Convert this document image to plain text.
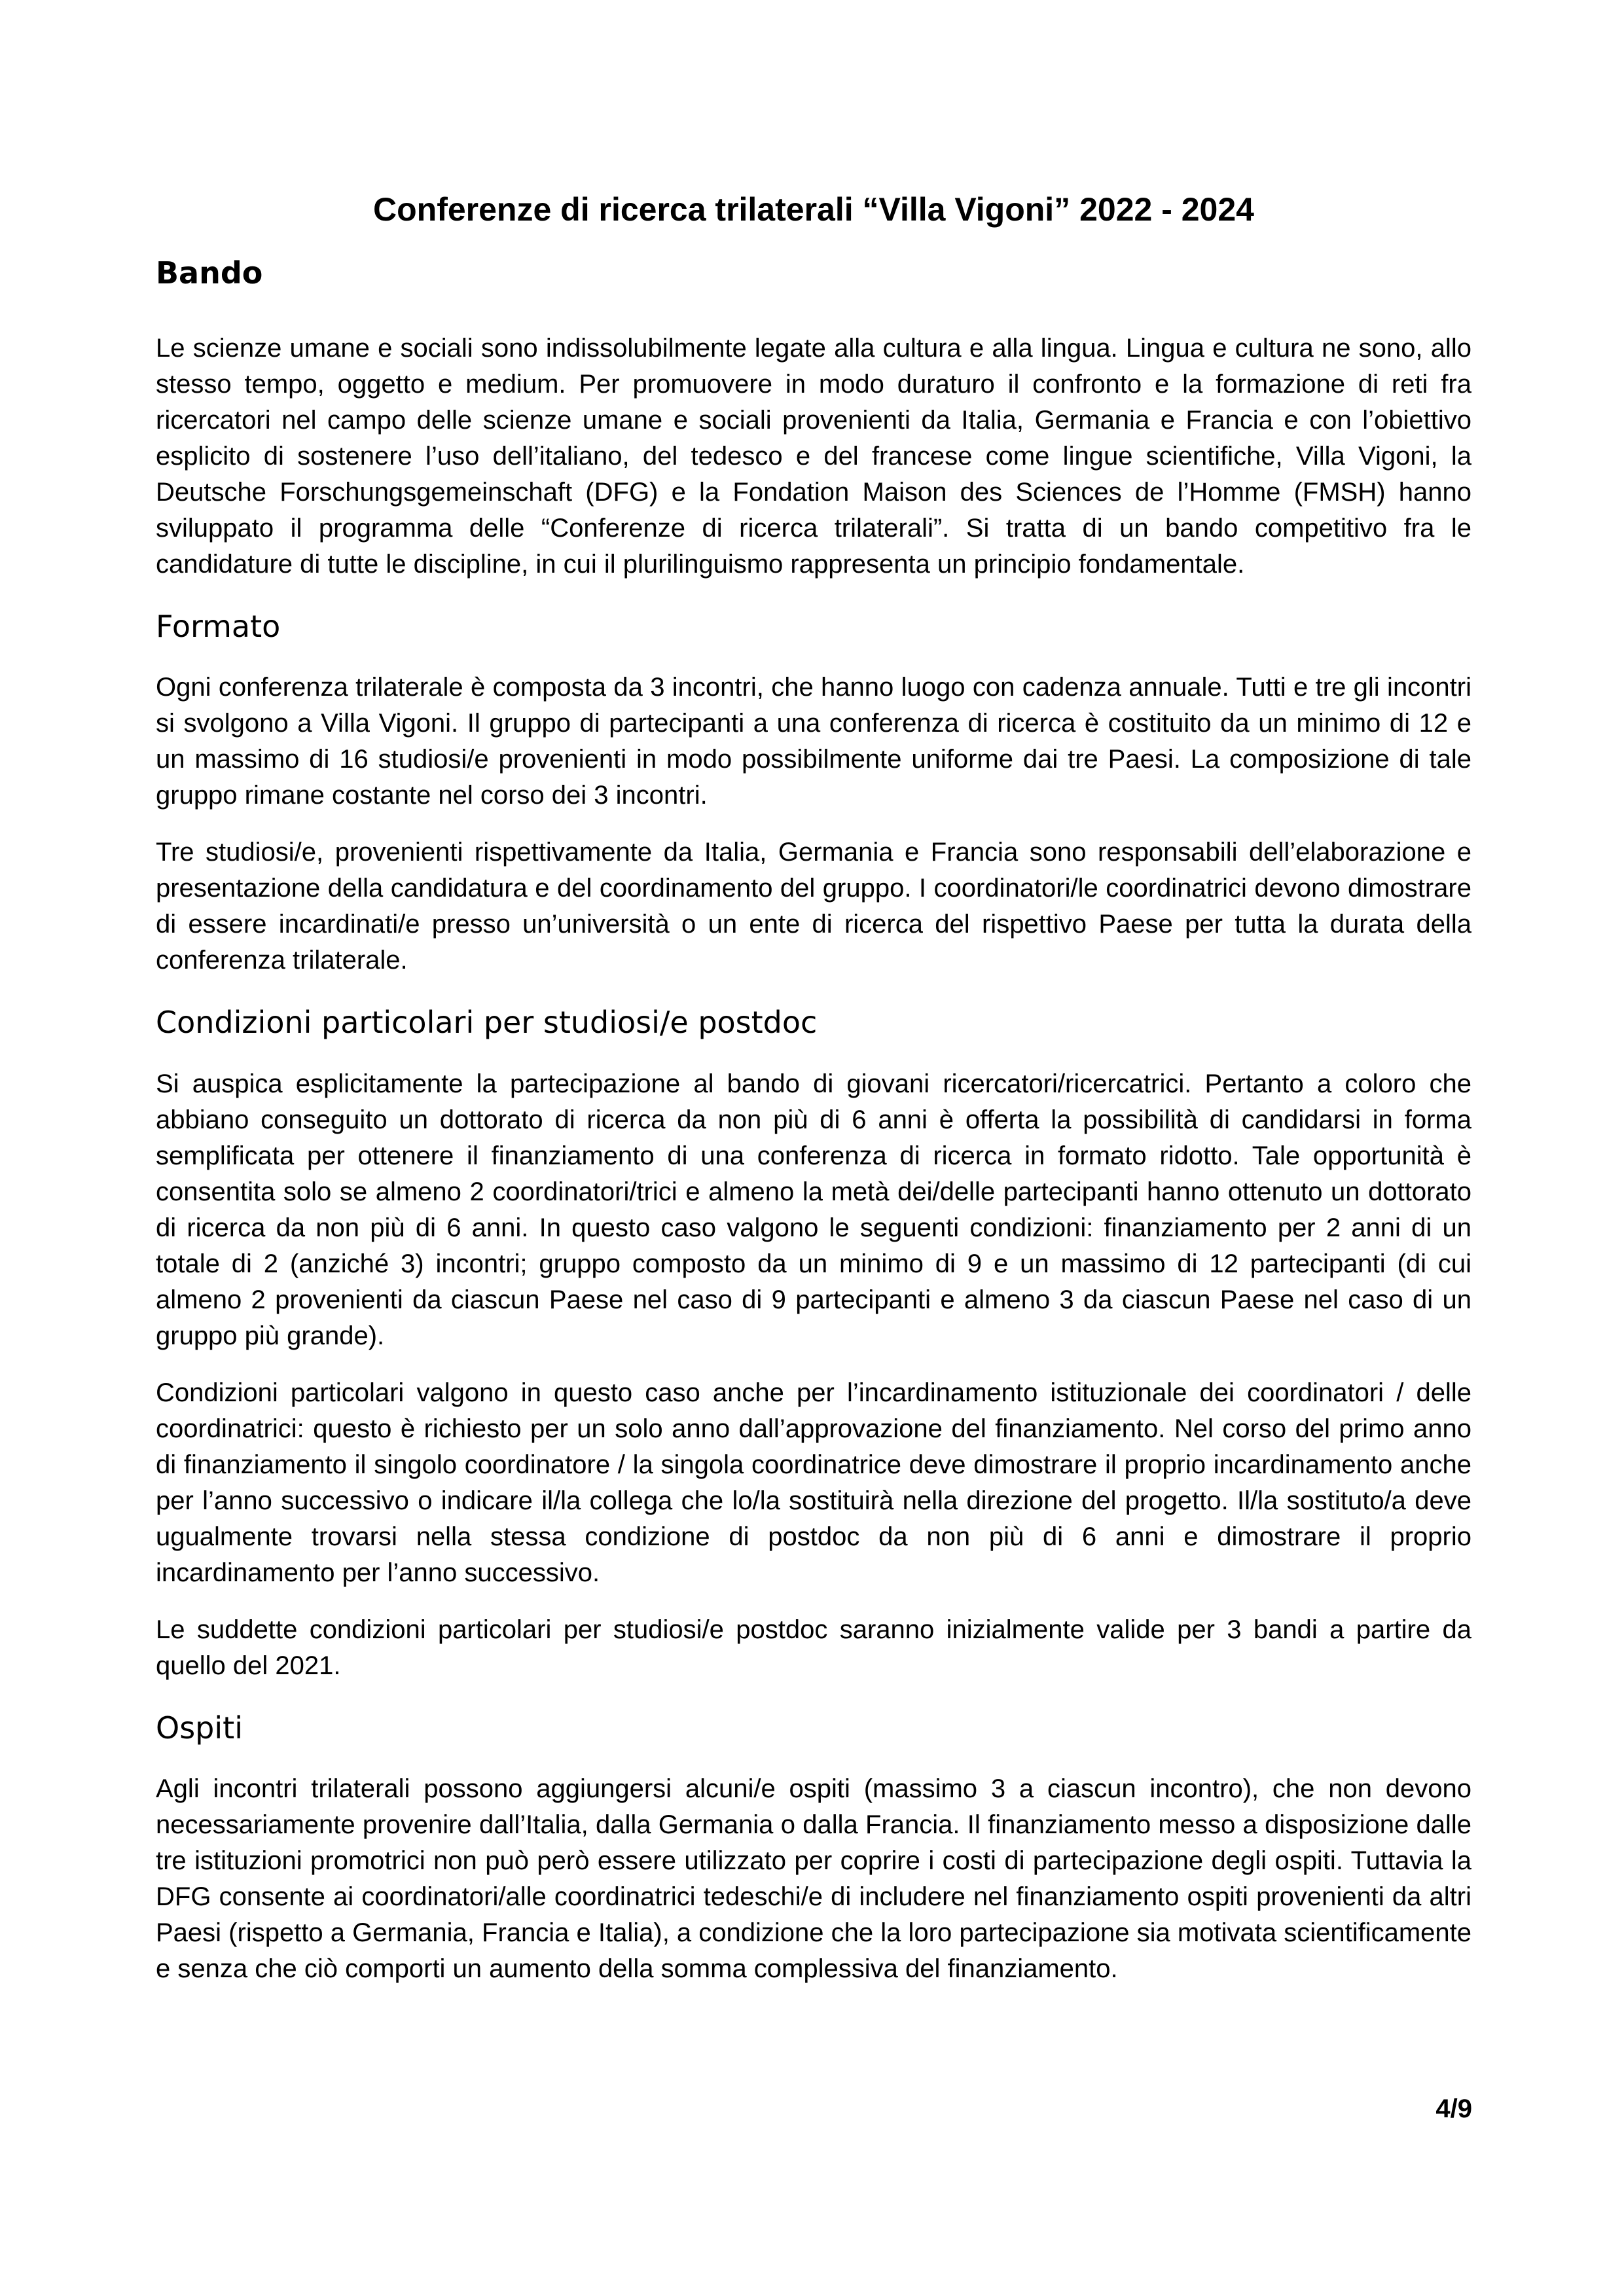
Conferenze di ricerca trilaterali “Villa Vigoni” 2022 - 2024
Bando

Le scienze umane e sociali sono indissolubilmente legate alla cultura e alla lingua. Lingua e cultura ne sono, allo stesso tempo, oggetto e medium. Per promuovere in modo duraturo il confronto e la formazione di reti fra ricercatori nel campo delle scienze umane e sociali provenienti da Italia, Germania e Francia e con l’obiettivo esplicito di sostenere l’uso dell’italiano, del tedesco e del francese come lingue scientifiche, Villa Vigoni, la Deutsche Forschungsgemeinschaft (DFG) e la Fondation Maison des Sciences de l’Homme (FMSH) hanno sviluppato il programma delle “Conferenze di ricerca trilaterali”. Si tratta di un bando competitivo fra le candidature di tutte le discipline, in cui il plurilinguismo rappresenta un principio fondamentale.

Formato

Ogni conferenza trilaterale è composta da 3 incontri, che hanno luogo con cadenza annuale. Tutti e tre gli incontri si svolgono a Villa Vigoni. Il gruppo di partecipanti a una conferenza di ricerca è costituito da un minimo di 12 e un massimo di 16 studiosi/e provenienti in modo possibilmente uniforme dai tre Paesi. La composizione di tale gruppo rimane costante nel corso dei 3 incontri.

Tre studiosi/e, provenienti rispettivamente da Italia, Germania e Francia sono responsabili dell’elaborazione e presentazione della candidatura e del coordinamento del gruppo. I coordinatori/le coordinatrici devono dimostrare di essere incardinati/e presso un’università o un ente di ricerca del rispettivo Paese per tutta la durata della conferenza trilaterale.

Condizioni particolari per studiosi/e postdoc

Si auspica esplicitamente la partecipazione al bando di giovani ricercatori/ricercatrici. Pertanto a coloro che abbiano conseguito un dottorato di ricerca da non più di 6 anni è offerta la possibilità di candidarsi in forma semplificata per ottenere il finanziamento di una conferenza di ricerca in formato ridotto. Tale opportunità è consentita solo se almeno 2 coordinatori/trici e almeno la metà dei/delle partecipanti hanno ottenuto un dottorato di ricerca da non più di 6 anni. In questo caso valgono le seguenti condizioni: finanziamento per 2 anni di un totale di 2 (anziché 3) incontri; gruppo composto da un minimo di 9 e un massimo di 12 partecipanti (di cui almeno 2 provenienti da ciascun Paese nel caso di 9 partecipanti e almeno 3 da ciascun Paese nel caso di un gruppo più grande).

Condizioni particolari valgono in questo caso anche per l’incardinamento istituzionale dei coordinatori / delle coordinatrici: questo è richiesto per un solo anno dall’approvazione del finanziamento. Nel corso del primo anno di finanziamento il singolo coordinatore / la singola coordinatrice deve dimostrare il proprio incardinamento anche per l’anno successivo o indicare il/la collega che lo/la sostituirà nella direzione del progetto. Il/la sostituto/a deve ugualmente trovarsi nella stessa condizione di postdoc da non più di 6 anni e dimostrare il proprio incardinamento per l’anno successivo.

Le suddette condizioni particolari per studiosi/e postdoc saranno inizialmente valide per 3 bandi a partire da quello del 2021.

Ospiti

Agli incontri trilaterali possono aggiungersi alcuni/e ospiti (massimo 3 a ciascun incontro), che non devono necessariamente provenire dall’Italia, dalla Germania o dalla Francia. Il finanziamento messo a disposizione dalle tre istituzioni promotrici non può però essere utilizzato per coprire i costi di partecipazione degli ospiti. Tuttavia la DFG consente ai coordinatori/alle coordinatrici tedeschi/e di includere nel finanziamento ospiti provenienti da altri Paesi (rispetto a Germania, Francia e Italia), a condizione che la loro partecipazione sia motivata scientificamente e senza che ciò comporti un aumento della somma complessiva del finanziamento.

4/9
